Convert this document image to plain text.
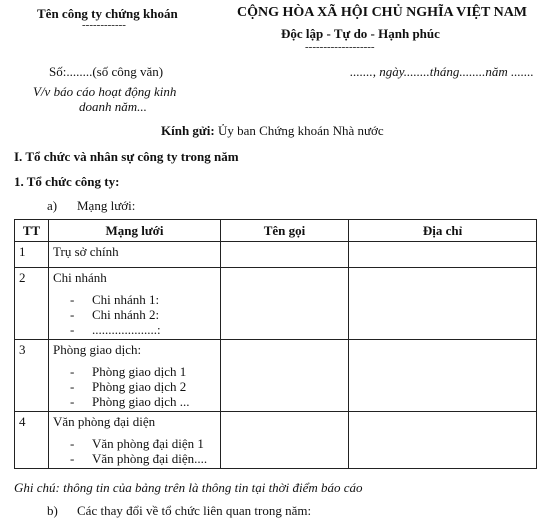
Tên công ty chứng khoán
------------
CỘNG HÒA XÃ HỘI CHỦ NGHĨA VIỆT NAM
Độc lập - Tự do - Hạnh phúc
-------------------
Số:........(số công văn)	......., ngày........tháng........năm .......
V/v báo cáo hoạt động kinh
doanh năm...
Kính gửi: Ủy ban Chứng khoán Nhà nước
I. Tổ chức và nhân sự công ty trong năm
1. Tổ chức công ty:
a) Mạng lưới:
TT	Mạng lưới	Tên gọi	Địa chỉ
1	Trụ sở chính		
2	Chi nhánh
- Chi nhánh 1:
- Chi nhánh 2:
- ....................:		

3	Phòng giao dịch:
- Phòng giao dịch 1
- Phòng giao dịch 2
- Phòng giao dịch ...		

4	Văn phòng đại diện
- Văn phòng đại diện 1
- Văn phòng đại diện....		

Ghi chú: thông tin của bảng trên là thông tin tại thời điểm báo cáo
b) Các thay đổi về tổ chức liên quan trong năm:
